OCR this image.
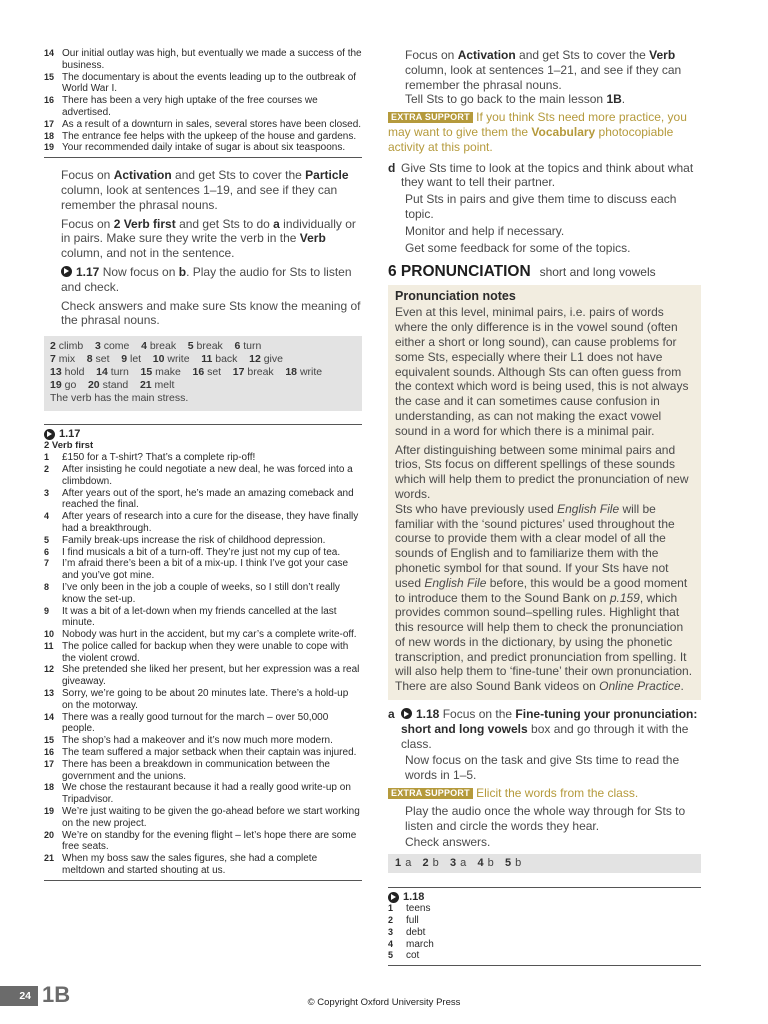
14 Our initial outlay was high, but eventually we made a success of the business.
15 The documentary is about the events leading up to the outbreak of World War I.
16 There has been a very high uptake of the free courses we advertised.
17 As a result of a downturn in sales, several stores have been closed.
18 The entrance fee helps with the upkeep of the house and gardens.
19 Your recommended daily intake of sugar is about six teaspoons.
Focus on Activation and get Sts to cover the Particle column, look at sentences 1–19, and see if they can remember the phrasal nouns.
Focus on 2 Verb first and get Sts to do a individually or in pairs. Make sure they write the verb in the Verb column, and not in the sentence.
1.17 Now focus on b. Play the audio for Sts to listen and check.
Check answers and make sure Sts know the meaning of the phrasal nouns.
2 climb 3 come 4 break 5 break 6 turn
7 mix 8 set 9 let 10 write 11 back 12 give
13 hold 14 turn 15 make 16 set 17 break 18 write
19 go 20 stand 21 melt
The verb has the main stress.
1.17
2 Verb first
1	£150 for a T-shirt? That’s a complete rip-off!
2	After insisting he could negotiate a new deal, he was forced into a climbdown.
3	After years out of the sport, he’s made an amazing comeback and reached the final.
4	After years of research into a cure for the disease, they have finally had a breakthrough.
5	Family break-ups increase the risk of childhood depression.
6	I find musicals a bit of a turn-off. They’re just not my cup of tea.
7	I’m afraid there’s been a bit of a mix-up. I think I’ve got your case and you’ve got mine.
8	I’ve only been in the job a couple of weeks, so I still don’t really know the set-up.
9	It was a bit of a let-down when my friends cancelled at the last minute.
10 Nobody was hurt in the accident, but my car’s a complete write-off.
11 The police called for backup when they were unable to cope with the violent crowd.
12 She pretended she liked her present, but her expression was a real giveaway.
13 Sorry, we’re going to be about 20 minutes late. There’s a hold-up on the motorway.
14 There was a really good turnout for the march – over 50,000 people.
15 The shop’s had a makeover and it’s now much more modern.
16 The team suffered a major setback when their captain was injured.
17 There has been a breakdown in communication between the government and the unions.
18 We chose the restaurant because it had a really good write-up on Tripadvisor.
19 We’re just waiting to be given the go-ahead before we start working on the new project.
20 We’re on standby for the evening flight – let’s hope there are some free seats.
21 When my boss saw the sales figures, she had a complete meltdown and started shouting at us.
Focus on Activation and get Sts to cover the Verb column, look at sentences 1–21, and see if they can remember the phrasal nouns.
Tell Sts to go back to the main lesson 1B.
EXTRA SUPPORT If you think Sts need more practice, you may want to give them the Vocabulary photocopiable activity at this point.
d Give Sts time to look at the topics and think about what they want to tell their partner.
Put Sts in pairs and give them time to discuss each topic.
Monitor and help if necessary.
Get some feedback for some of the topics.
6 PRONUNCIATION short and long vowels
Pronunciation notes
Even at this level, minimal pairs, i.e. pairs of words where the only difference is in the vowel sound (often either a short or long sound), can cause problems for some Sts, especially where their L1 does not have equivalent sounds. Although Sts can often guess from the context which word is being used, this is not always the case and it can sometimes cause confusion in understanding, as can not making the exact vowel sound in a word for which there is a minimal pair.
After distinguishing between some minimal pairs and trios, Sts focus on different spellings of these sounds which will help them to predict the pronunciation of new words.
Sts who have previously used English File will be familiar with the ‘sound pictures’ used throughout the course to provide them with a clear model of all the sounds of English and to familiarize them with the phonetic symbol for that sound. If your Sts have not used English File before, this would be a good moment to introduce them to the Sound Bank on p.159, which provides common sound–spelling rules. Highlight that this resource will help them to check the pronunciation of new words in the dictionary, by using the phonetic transcription, and predict pronunciation from spelling. It will also help them to ‘fine-tune’ their own pronunciation. There are also Sound Bank videos on Online Practice.
a	1.18 Focus on the Fine-tuning your pronunciation: short and long vowels box and go through it with the class.
Now focus on the task and give Sts time to read the words in 1–5.
EXTRA SUPPORT Elicit the words from the class.
Play the audio once the whole way through for Sts to listen and circle the words they hear.
Check answers.
1 a 2 b 3 a 4 b 5 b
1.18
1	teens
2	full
3	debt
4	march
5	cot
24 1B	© Copyright Oxford University Press
